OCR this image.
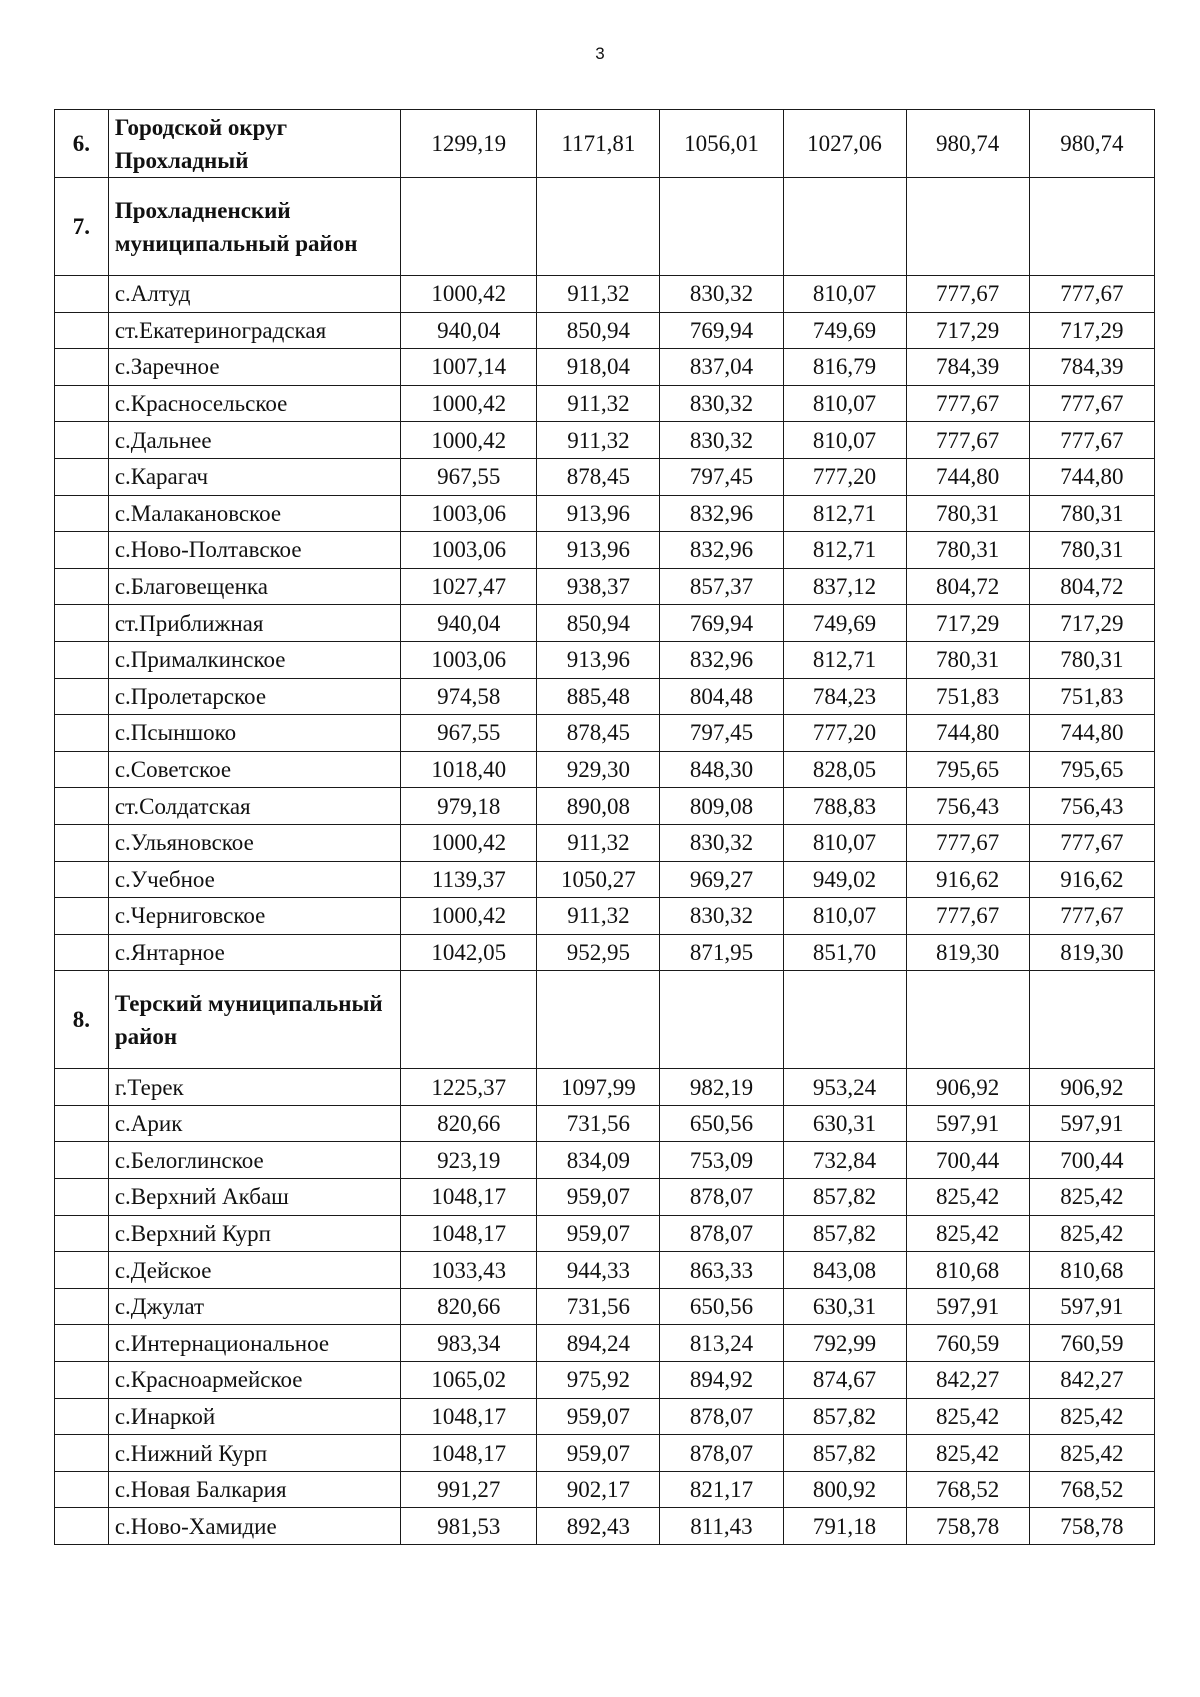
3
6.	Городской округ Прохладный	1299,19	1171,81	1056,01	1027,06	980,74	980,74
7.	Прохладненский муниципальный район						
	с.Алтуд	1000,42	911,32	830,32	810,07	777,67	777,67
	ст.Екатериноградская	940,04	850,94	769,94	749,69	717,29	717,29
	с.Заречное	1007,14	918,04	837,04	816,79	784,39	784,39
	с.Красносельское	1000,42	911,32	830,32	810,07	777,67	777,67
	с.Дальнее	1000,42	911,32	830,32	810,07	777,67	777,67
	с.Карагач	967,55	878,45	797,45	777,20	744,80	744,80
	с.Малакановское	1003,06	913,96	832,96	812,71	780,31	780,31
	с.Ново-Полтавское	1003,06	913,96	832,96	812,71	780,31	780,31
	с.Благовещенка	1027,47	938,37	857,37	837,12	804,72	804,72
	ст.Приближная	940,04	850,94	769,94	749,69	717,29	717,29
	с.Прималкинское	1003,06	913,96	832,96	812,71	780,31	780,31
	с.Пролетарское	974,58	885,48	804,48	784,23	751,83	751,83
	с.Псыншоко	967,55	878,45	797,45	777,20	744,80	744,80
	с.Советское	1018,40	929,30	848,30	828,05	795,65	795,65
	ст.Солдатская	979,18	890,08	809,08	788,83	756,43	756,43
	с.Ульяновское	1000,42	911,32	830,32	810,07	777,67	777,67
	с.Учебное	1139,37	1050,27	969,27	949,02	916,62	916,62
	с.Черниговское	1000,42	911,32	830,32	810,07	777,67	777,67
	с.Янтарное	1042,05	952,95	871,95	851,70	819,30	819,30
8.	Терский муниципальный район						
	г.Терек	1225,37	1097,99	982,19	953,24	906,92	906,92
	с.Арик	820,66	731,56	650,56	630,31	597,91	597,91
	с.Белоглинское	923,19	834,09	753,09	732,84	700,44	700,44
	с.Верхний Акбаш	1048,17	959,07	878,07	857,82	825,42	825,42
	с.Верхний Курп	1048,17	959,07	878,07	857,82	825,42	825,42
	с.Дейское	1033,43	944,33	863,33	843,08	810,68	810,68
	с.Джулат	820,66	731,56	650,56	630,31	597,91	597,91
	с.Интернациональное	983,34	894,24	813,24	792,99	760,59	760,59
	с.Красноармейское	1065,02	975,92	894,92	874,67	842,27	842,27
	с.Инаркой	1048,17	959,07	878,07	857,82	825,42	825,42
	с.Нижний Курп	1048,17	959,07	878,07	857,82	825,42	825,42
	с.Новая Балкария	991,27	902,17	821,17	800,92	768,52	768,52
	с.Ново-Хамидие	981,53	892,43	811,43	791,18	758,78	758,78
